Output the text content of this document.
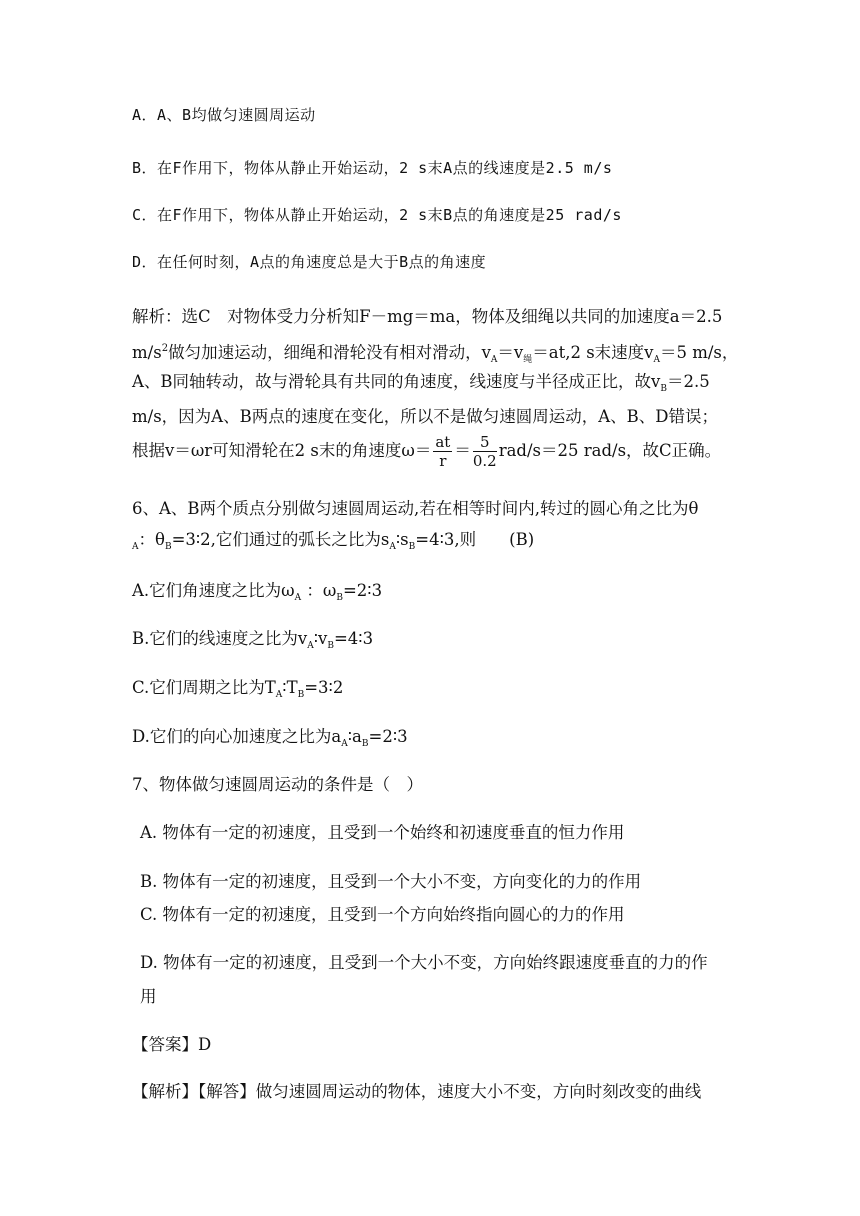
A．A、B均做匀速圆周运动
B．在F作用下，物体从静止开始运动，2 s末A点的线速度是2.5 m/s
C．在F作用下，物体从静止开始运动，2 s末B点的角速度是25 rad/s
D．在任何时刻，A点的角速度总是大于B点的角速度
解析：选C　对物体受力分析知F－mg＝ma，物体及细绳以共同的加速度a＝2.5
$m/s^2$做匀加速运动，细绳和滑轮没有相对滑动，$v_A=v_绳=at,2$ s末速度$v_A=5$ m/s，
A、B同轴转动，故与滑轮具有共同的角速度，线速度与半径成正比，故$v_B=2.5$
m/s，因为A、B两点的速度在变化，所以不是做匀速圆周运动，A、B、D错误；
根据v＝ωr可知滑轮在2 s末的角速度$\omega= \frac{at}{r} = \frac{5}{0.2} rad/s=25$ rad/s，故C正确。
6、A、B两个质点分别做匀速圆周运动,若在相等时间内,转过的圆心角之比为θ
$_A$：$\theta_B=3∶2$,它们通过的弧长之比为$s_A∶s_B=4∶3$,则　　(B)
A.它们角速度之比为$\omega_A$ ：$\omega_B=2∶3$
B.它们的线速度之比为$v_A∶v_B=4∶3$
C.它们周期之比为$T_A∶T_B=3∶2$
D.它们的向心加速度之比为$a_A∶a_B=2∶3$
7、物体做匀速圆周运动的条件是（　）
A. 物体有一定的初速度，且受到一个始终和初速度垂直的恒力作用
B. 物体有一定的初速度，且受到一个大小不变，方向变化的力的作用
C. 物体有一定的初速度，且受到一个方向始终指向圆心的力的作用
D. 物体有一定的初速度，且受到一个大小不变，方向始终跟速度垂直的力的作
用
【答案】D
【解析】【解答】做匀速圆周运动的物体，速度大小不变，方向时刻改变的曲线
